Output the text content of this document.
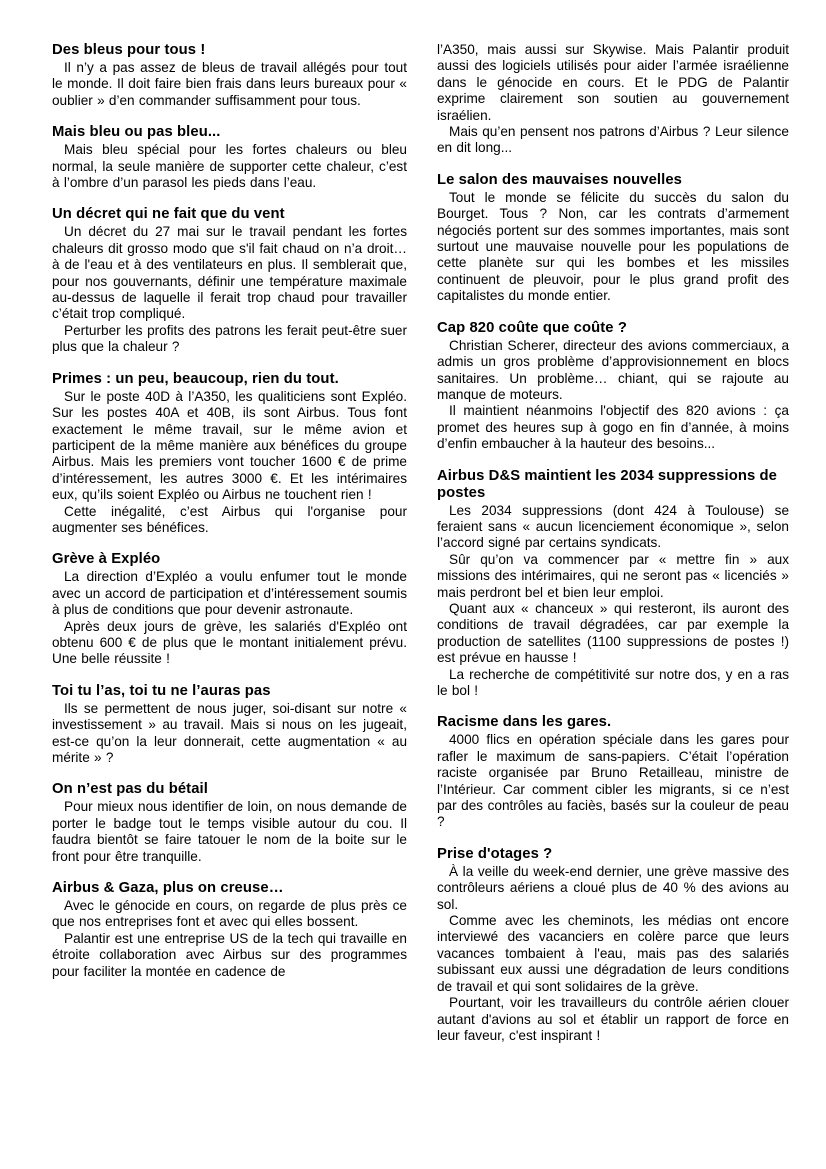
Des bleus pour tous !

Il n’y a pas assez de bleus de travail allégés pour tout le monde. Il doit faire bien frais dans leurs bureaux pour « oublier » d’en commander suffisamment pour tous.

Mais bleu ou pas bleu...

Mais bleu spécial pour les fortes chaleurs ou bleu normal, la seule manière de supporter cette chaleur, c’est à l’ombre d’un parasol les pieds dans l’eau.

Un décret qui ne fait que du vent

Un décret du 27 mai sur le travail pendant les fortes chaleurs dit grosso modo que s'il fait chaud on n’a droit… à de l'eau et à des ventilateurs en plus. Il semblerait que, pour nos gouvernants, définir une température maximale au-dessus de laquelle il ferait trop chaud pour travailler c’était trop compliqué.

Perturber les profits des patrons les ferait peut-être suer plus que la chaleur ?

Primes : un peu, beaucoup, rien du tout.

Sur le poste 40D à l’A350, les qualiticiens sont Expléo. Sur les postes 40A et 40B, ils sont Airbus. Tous font exactement le même travail, sur le même avion et participent de la même manière aux bénéfices du groupe Airbus. Mais les premiers vont toucher 1600 € de prime d’intéressement, les autres 3000 €. Et les intérimaires eux, qu’ils soient Expléo ou Airbus ne touchent rien !

Cette inégalité, c’est Airbus qui l'organise pour augmenter ses bénéfices.

Grève à Expléo

La direction d’Expléo a voulu enfumer tout le monde avec un accord de participation et d’intéressement soumis à plus de conditions que pour devenir astronaute.

Après deux jours de grève, les salariés d'Expléo ont obtenu 600 € de plus que le montant initialement prévu. Une belle réussite !

Toi tu l’as, toi tu ne l’auras pas

Ils se permettent de nous juger, soi-disant sur notre « investissement » au travail. Mais si nous on les jugeait, est-ce qu’on la leur donnerait, cette augmentation « au mérite » ?

On n’est pas du bétail

Pour mieux nous identifier de loin, on nous demande de porter le badge tout le temps visible autour du cou. Il faudra bientôt se faire tatouer le nom de la boite sur le front pour être tranquille.

Airbus & Gaza, plus on creuse…

Avec le génocide en cours, on regarde de plus près ce que nos entreprises font et avec qui elles bossent.

Palantir est une entreprise US de la tech qui travaille en étroite collaboration avec Airbus sur des programmes pour faciliter la montée en cadence de

l’A350, mais aussi sur Skywise. Mais Palantir produit aussi des logiciels utilisés pour aider l’armée israélienne dans le génocide en cours. Et le PDG de Palantir exprime clairement son soutien au gouvernement israélien.

Mais qu’en pensent nos patrons d’Airbus ? Leur silence en dit long...

Le salon des mauvaises nouvelles

Tout le monde se félicite du succès du salon du Bourget. Tous ? Non, car les contrats d’armement négociés portent sur des sommes importantes, mais sont surtout une mauvaise nouvelle pour les populations de cette planète sur qui les bombes et les missiles continuent de pleuvoir, pour le plus grand profit des capitalistes du monde entier.

Cap 820 coûte que coûte ?

Christian Scherer, directeur des avions commerciaux, a admis un gros problème d’approvisionnement en blocs sanitaires. Un problème… chiant, qui se rajoute au manque de moteurs.

Il maintient néanmoins l'objectif des 820 avions : ça promet des heures sup à gogo en fin d’année, à moins d’enfin embaucher à la hauteur des besoins...

Airbus D&S maintient les 2034 suppressions de postes

Les 2034 suppressions (dont 424 à Toulouse) se feraient sans « aucun licenciement économique », selon l’accord signé par certains syndicats.

Sûr qu’on va commencer par « mettre fin » aux missions des intérimaires, qui ne seront pas « licenciés » mais perdront bel et bien leur emploi.

Quant aux « chanceux » qui resteront, ils auront des conditions de travail dégradées, car par exemple la production de satellites (1100 suppressions de postes !) est prévue en hausse !

La recherche de compétitivité sur notre dos, y en a ras le bol !

Racisme dans les gares.

4000 flics en opération spéciale dans les gares pour rafler le maximum de sans-papiers. C’était l’opération raciste organisée par Bruno Retailleau, ministre de l’Intérieur. Car comment cibler les migrants, si ce n’est par des contrôles au faciès, basés sur la couleur de peau ?

Prise d'otages ?

À la veille du week-end dernier, une grève massive des contrôleurs aériens a cloué plus de 40 % des avions au sol.

Comme avec les cheminots, les médias ont encore interviewé des vacanciers en colère parce que leurs vacances tombaient à l'eau, mais pas des salariés subissant eux aussi une dégradation de leurs conditions de travail et qui sont solidaires de la grève.

Pourtant, voir les travailleurs du contrôle aérien clouer autant d'avions au sol et établir un rapport de force en leur faveur, c'est inspirant !
